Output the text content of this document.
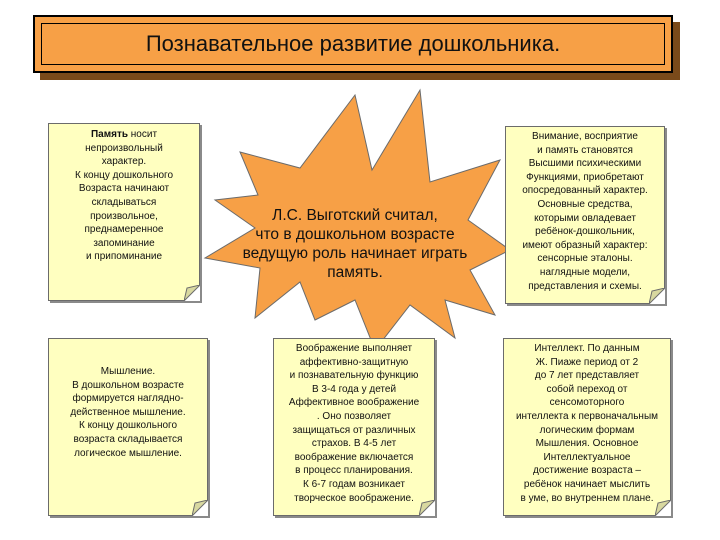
Познавательное развитие дошкольника.
Л.С. Выготский считал,
что в дошкольном возрасте
ведущую роль начинает играть
память.

Память носит

непроизвольный

характер.

К концу дошкольного

Возраста начинают

складываться

произвольное,

преднамеренное

запоминание

и припоминание

Внимание, восприятие

и память становятся

Высшими психическими

Функциями, приобретают

опосредованный характер.

Основные средства,

которыми овладевает

ребёнок-дошкольник,

имеют образный характер:

сенсорные эталоны.

наглядные модели,

представления и схемы.

Мышление.

В дошкольном возрасте

формируется наглядно-

действенное мышление.

К концу дошкольного

возраста складывается

логическое мышление.

Воображение выполняет

аффективно-защитную

и познавательную функцию

В 3-4 года у детей

Аффективное воображение

. Оно позволяет

защищаться от различных

страхов. В 4-5 лет

воображение включается

в процесс планирования.

К 6-7 годам возникает

творческое воображение.

Интеллект. По данным

Ж. Пиаже период от 2

до 7 лет представляет

собой переход от

сенсомоторного

интеллекта к первоначальным

логическим формам

Мышления. Основное

Интеллектуальное

достижение возраста –

ребёнок начинает мыслить

в уме, во внутреннем плане.
